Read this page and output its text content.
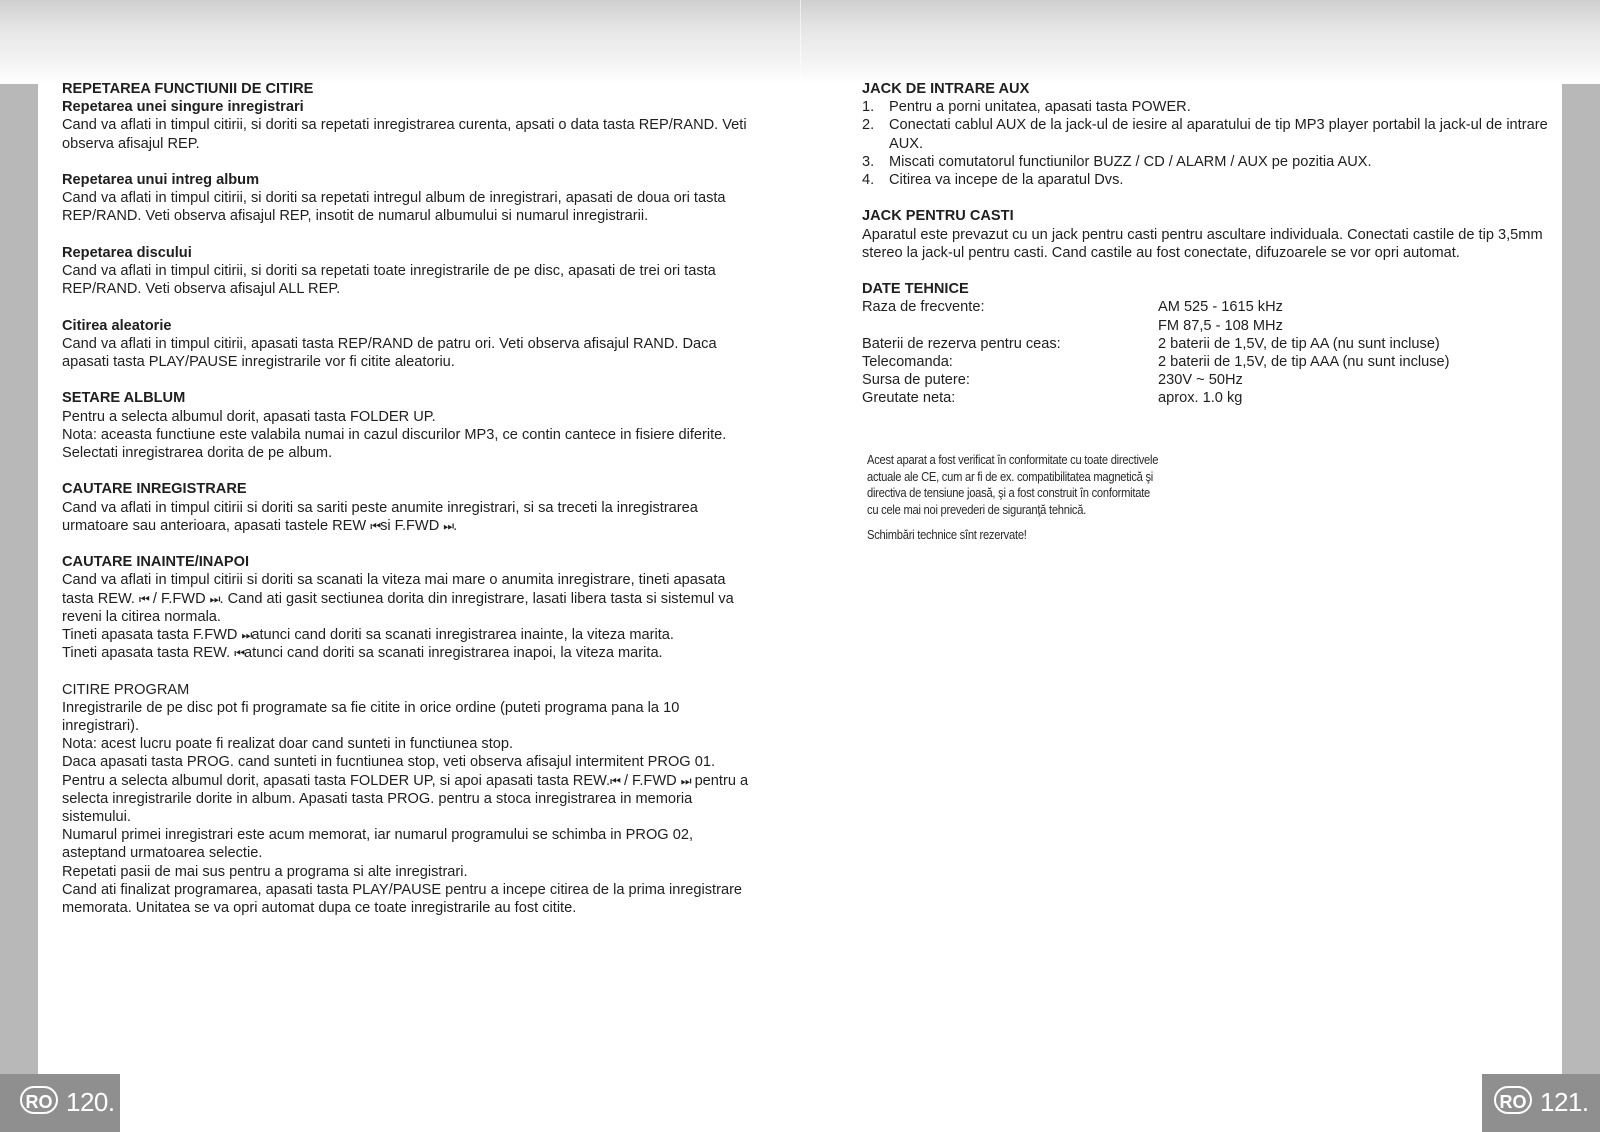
RO 120.	RO 121.

REPETAREA FUNCTIUNII DE CITIRE

Repetarea unei singure inregistrari

Cand va aflati in timpul citirii, si doriti sa repetati inregistrarea curenta, apsati o data tasta REP/RAND. Veti observa afisajul REP.

Repetarea unui intreg album

Cand va aflati in timpul citirii, si doriti sa repetati intregul album de inregistrari, apasati de doua ori tasta REP/RAND. Veti observa afisajul REP, insotit de numarul albumului si numarul inregistrarii.

Repetarea discului

Cand va aflati in timpul citirii, si doriti sa repetati toate inregistrarile de pe disc, apasati de trei ori tasta REP/RAND. Veti observa afisajul ALL REP.

Citirea aleatorie

Cand va aflati in timpul citirii, apasati tasta REP/RAND de patru ori. Veti observa afisajul RAND. Daca apasati tasta PLAY/PAUSE inregistrarile vor fi citite aleatoriu.

SETARE ALBLUM

Pentru a selecta albumul dorit, apasati tasta FOLDER UP.

Nota: aceasta functiune este valabila numai in cazul discurilor MP3, ce contin cantece in fisiere diferite. Selectati inregistrarea dorita de pe album.

CAUTARE INREGISTRARE

Cand va aflati in timpul citirii si doriti sa sariti peste anumite inregistrari, si sa treceti la inregistrarea urmatoare sau anterioara, apasati tastele REW ⏮si F.FWD ⏭.

CAUTARE INAINTE/INAPOI

Cand va aflati in timpul citirii si doriti sa scanati la viteza mai mare o anumita inregistrare, tineti apasata tasta REW. ⏮ / F.FWD ⏭. Cand ati gasit sectiunea dorita din inregistrare, lasati libera tasta si sistemul va reveni la citirea normala.

Tineti apasata tasta F.FWD ⏭atunci cand doriti sa scanati inregistrarea inainte, la viteza marita.

Tineti apasata tasta REW. ⏮atunci cand doriti sa scanati inregistrarea inapoi, la viteza marita.

CITIRE PROGRAM

Inregistrarile de pe disc pot fi programate sa fie citite in orice ordine (puteti programa pana la 10 inregistrari).

Nota: acest lucru poate fi realizat doar cand sunteti in functiunea stop.

Daca apasati tasta PROG. cand sunteti in fucntiunea stop, veti observa afisajul intermitent PROG 01.

Pentru a selecta albumul dorit, apasati tasta FOLDER UP, si apoi apasati tasta REW.⏮ / F.FWD ⏭ pentru a selecta inregistrarile dorite in album. Apasati tasta PROG. pentru a stoca inregistrarea in memoria sistemului.

Numarul primei inregistrari este acum memorat, iar numarul programului se schimba in PROG 02, asteptand urmatoarea selectie.

Repetati pasii de mai sus pentru a programa si alte inregistrari.

Cand ati finalizat programarea, apasati tasta PLAY/PAUSE pentru a incepe citirea de la prima inregistrare memorata. Unitatea se va opri automat dupa ce toate inregistrarile au fost citite.

JACK DE INTRARE AUX

1. Pentru a porni unitatea, apasati tasta POWER.
2. Conectati cablul AUX de la jack-ul de iesire al aparatului de tip MP3 player portabil la jack-ul de intrare AUX.
3. Miscati comutatorul functiunilor BUZZ / CD / ALARM / AUX pe pozitia AUX.
4. Citirea va incepe de la aparatul Dvs.

JACK PENTRU CASTI

Aparatul este prevazut cu un jack pentru casti pentru ascultare individuala. Conectati castile de tip 3,5mm stereo la jack-ul pentru casti. Cand castile au fost conectate, difuzoarele se vor opri automat.

DATE TEHNICE

Raza de frecvente:	AM 525 - 1615 kHz
FM 87,5 - 108 MHz
Baterii de rezerva pentru ceas:	2 baterii de 1,5V, de tip AA (nu sunt incluse)
Telecomanda:	2 baterii de 1,5V, de tip AAA (nu sunt incluse)
Sursa de putere:	230V ~ 50Hz
Greutate neta:	aprox. 1.0 kg

Acest aparat a fost verificat în conformitate cu toate directivele actuale ale CE, cum ar fi de ex. compatibilitatea magnetică şi directiva de tensiune joasă, şi a fost construit în conformitate cu cele mai noi prevederi de siguranţă tehnică.

Schimbări technice sînt rezervate!
